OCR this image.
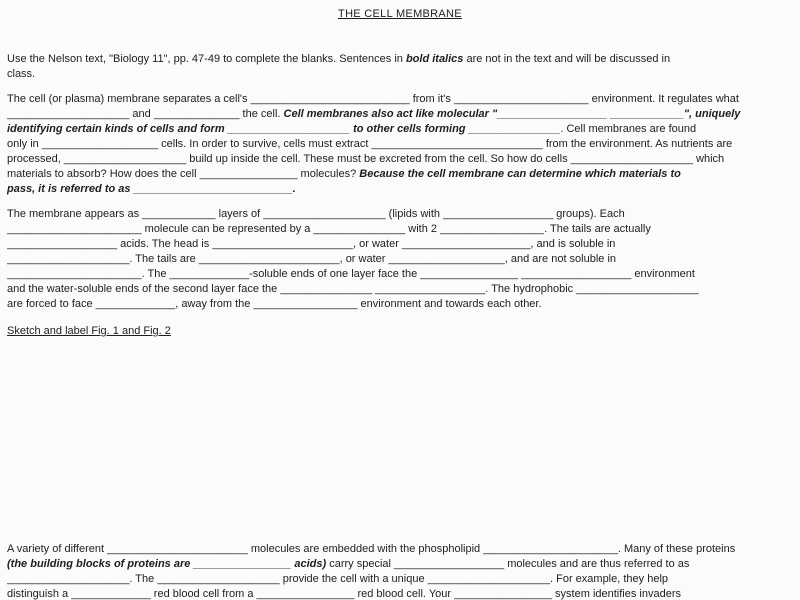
THE CELL MEMBRANE
Use the Nelson text, "Biology 11", pp. 47-49 to complete the blanks. Sentences in bold italics are not in the text and will be discussed in
class.
The cell (or plasma) membrane separates a cell's __________________________ from it's ______________________ environment. It regulates what
____________________ and ______________ the cell. Cell membranes also act like molecular "__________________ ____________", uniquely
identifying certain kinds of cells and form ____________________ to other cells forming _______________. Cell membranes are found
only in ___________________ cells. In order to survive, cells must extract ____________________________ from the environment. As nutrients are
processed, ____________________ build up inside the cell. These must be excreted from the cell. So how do cells ____________________ which
materials to absorb? How does the cell ________________ molecules? Because the cell membrane can determine which materials to
pass, it is referred to as __________________________.
The membrane appears as ____________ layers of ____________________ (lipids with __________________ groups). Each
______________________ molecule can be represented by a _______________ with 2 _________________. The tails are actually
__________________ acids. The head is _______________________, or water _____________________, and is soluble in
____________________. The tails are _______________________, or water ___________________, and are not soluble in
______________________. The _____________-soluble ends of one layer face the ________________ __________________ environment
and the water-soluble ends of the second layer face the _______________ __________________. The hydrophobic ____________________
are forced to face _____________, away from the _________________ environment and towards each other.
Sketch and label Fig. 1 and Fig. 2
A variety of different _______________________ molecules are embedded with the phospholipid ______________________. Many of these proteins
(the building blocks of proteins are ________________ acids) carry special __________________ molecules and are thus referred to as
____________________. The ____________________ provide the cell with a unique ____________________. For example, they help
distinguish a _____________ red blood cell from a ________________ red blood cell. Your ________________ system identifies invaders
